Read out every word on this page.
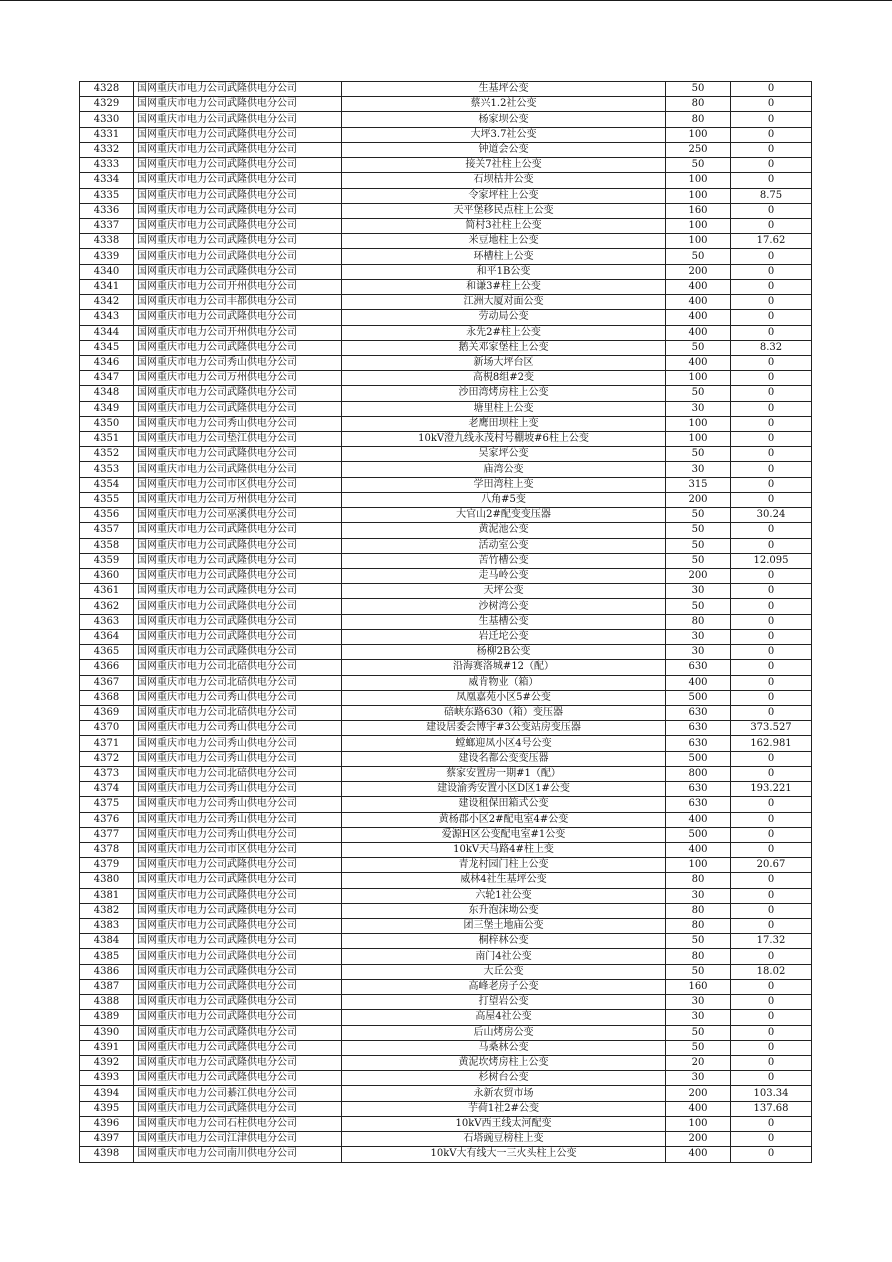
4328	国网重庆市电力公司武隆供电分公司	生基坪公变	50	0
4329	国网重庆市电力公司武隆供电分公司	蔡兴1.2社公变	80	0
4330	国网重庆市电力公司武隆供电分公司	杨家坝公变	80	0
4331	国网重庆市电力公司武隆供电分公司	大坪3.7社公变	100	0
4332	国网重庆市电力公司武隆供电分公司	钟道会公变	250	0
4333	国网重庆市电力公司武隆供电分公司	接关7社柱上公变	50	0
4334	国网重庆市电力公司武隆供电分公司	石坝枯井公变	100	0
4335	国网重庆市电力公司武隆供电分公司	令家坪柱上公变	100	8.75
4336	国网重庆市电力公司武隆供电分公司	天平堡移民点柱上公变	160	0
4337	国网重庆市电力公司武隆供电分公司	简村3社柱上公变	100	0
4338	国网重庆市电力公司武隆供电分公司	米豆地柱上公变	100	17.62
4339	国网重庆市电力公司武隆供电分公司	环槽柱上公变	50	0
4340	国网重庆市电力公司武隆供电分公司	和平1B公变	200	0
4341	国网重庆市电力公司开州供电分公司	和谦3#柱上公变	400	0
4342	国网重庆市电力公司丰都供电分公司	江洲大厦对面公变	400	0
4343	国网重庆市电力公司武隆供电分公司	劳动局公变	400	0
4344	国网重庆市电力公司开州供电分公司	永先2#柱上公变	400	0
4345	国网重庆市电力公司武隆供电分公司	鹅关邓家堡柱上公变	50	8.32
4346	国网重庆市电力公司秀山供电分公司	新场大坪台区	400	0
4347	国网重庆市电力公司万州供电分公司	高梘8组#2变	100	0
4348	国网重庆市电力公司武隆供电分公司	沙田湾烤房柱上公变	50	0
4349	国网重庆市电力公司武隆供电分公司	塘里柱上公变	30	0
4350	国网重庆市电力公司秀山供电分公司	老鹰田坝柱上变	100	0
4351	国网重庆市电力公司垫江供电分公司	10kV澄九线永茂村号棚坡#6柱上公变	100	0
4352	国网重庆市电力公司武隆供电分公司	吴家坪公变	50	0
4353	国网重庆市电力公司武隆供电分公司	庙湾公变	30	0
4354	国网重庆市电力公司市区供电分公司	学田湾柱上变	315	0
4355	国网重庆市电力公司万州供电分公司	八角#5变	200	0
4356	国网重庆市电力公司巫溪供电分公司	大官山2#配变变压器	50	30.24
4357	国网重庆市电力公司武隆供电分公司	黄泥池公变	50	0
4358	国网重庆市电力公司武隆供电分公司	活动室公变	50	0
4359	国网重庆市电力公司武隆供电分公司	苦竹槽公变	50	12.095
4360	国网重庆市电力公司武隆供电分公司	走马岭公变	200	0
4361	国网重庆市电力公司武隆供电分公司	天坪公变	30	0
4362	国网重庆市电力公司武隆供电分公司	沙树湾公变	50	0
4363	国网重庆市电力公司武隆供电分公司	生基槽公变	80	0
4364	国网重庆市电力公司武隆供电分公司	岩迁坨公变	30	0
4365	国网重庆市电力公司武隆供电分公司	杨柳2B公变	30	0
4366	国网重庆市电力公司北碚供电分公司	沿海赛洛城#12（配）	630	0
4367	国网重庆市电力公司北碚供电分公司	威肯物业（箱）	400	0
4368	国网重庆市电力公司秀山供电分公司	凤凰嘉苑小区5#公变	500	0
4369	国网重庆市电力公司北碚供电分公司	碚峡东路630（箱）变压器	630	0
4370	国网重庆市电力公司秀山供电分公司	建设居委会博宇#3公变站房变压器	630	373.527
4371	国网重庆市电力公司秀山供电分公司	螳螂迎凤小区4号公变	630	162.981
4372	国网重庆市电力公司秀山供电分公司	建设名都公变变压器	500	0
4373	国网重庆市电力公司北碚供电分公司	蔡家安置房一期#1（配）	800	0
4374	国网重庆市电力公司秀山供电分公司	建设渝秀安置小区D区1#公变	630	193.221
4375	国网重庆市电力公司秀山供电分公司	建设租保田箱式公变	630	0
4376	国网重庆市电力公司秀山供电分公司	黄杨郡小区2#配电室4#公变	400	0
4377	国网重庆市电力公司秀山供电分公司	爱源H区公变配电室#1公变	500	0
4378	国网重庆市电力公司市区供电分公司	10kV天马路4#柱上变	400	0
4379	国网重庆市电力公司武隆供电分公司	青龙村园门柱上公变	100	20.67
4380	国网重庆市电力公司武隆供电分公司	威林4社生基坪公变	80	0
4381	国网重庆市电力公司武隆供电分公司	六轮1社公变	30	0
4382	国网重庆市电力公司武隆供电分公司	东升泡沫坳公变	80	0
4383	国网重庆市电力公司武隆供电分公司	团三堡土地庙公变	80	0
4384	国网重庆市电力公司武隆供电分公司	桐梓林公变	50	17.32
4385	国网重庆市电力公司武隆供电分公司	南门4社公变	80	0
4386	国网重庆市电力公司武隆供电分公司	大丘公变	50	18.02
4387	国网重庆市电力公司武隆供电分公司	高峰老房子公变	160	0
4388	国网重庆市电力公司武隆供电分公司	打望岩公变	30	0
4389	国网重庆市电力公司武隆供电分公司	高屋4社公变	30	0
4390	国网重庆市电力公司武隆供电分公司	后山烤房公变	50	0
4391	国网重庆市电力公司武隆供电分公司	马桑林公变	50	0
4392	国网重庆市电力公司武隆供电分公司	黄泥坎烤房柱上公变	20	0
4393	国网重庆市电力公司武隆供电分公司	杉树台公变	30	0
4394	国网重庆市电力公司綦江供电分公司	永新农贸市场	200	103.34
4395	国网重庆市电力公司武隆供电分公司	芋荷1社2#公变	400	137.68
4396	国网重庆市电力公司石柱供电分公司	10kV西王线太河配变	100	0
4397	国网重庆市电力公司江津供电分公司	石塔豌豆榜柱上变	200	0
4398	国网重庆市电力公司南川供电分公司	10kV大有线大一三火头柱上公变	400	0
